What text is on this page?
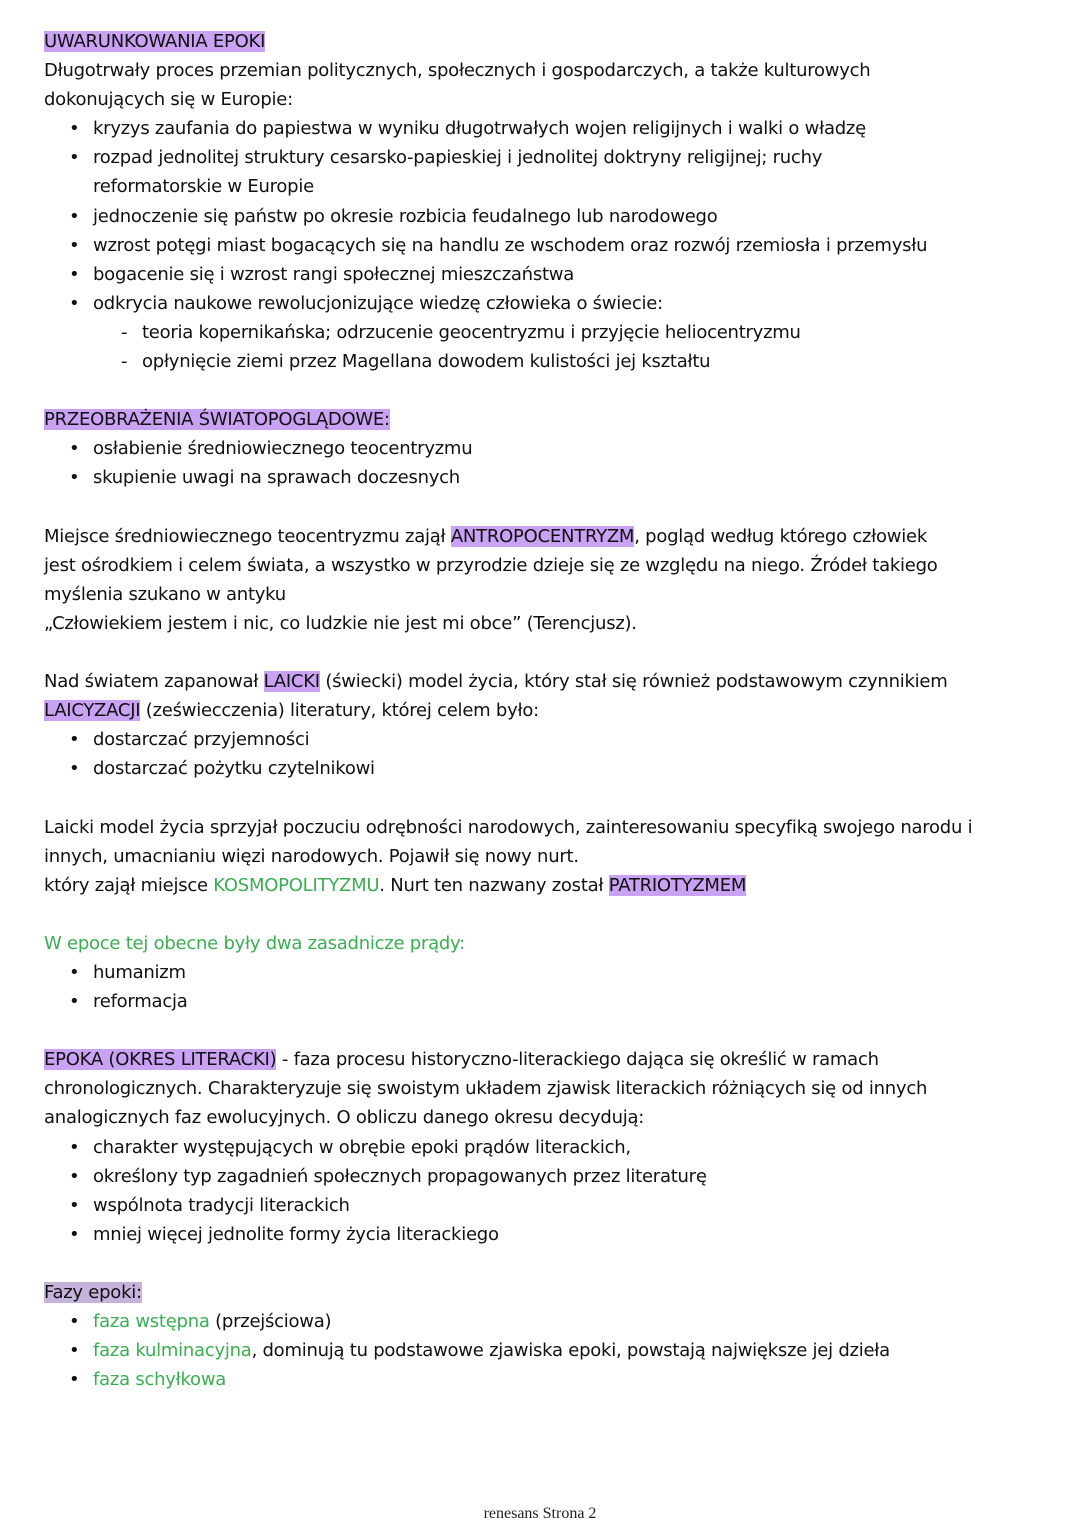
UWARUNKOWANIA EPOKI
Długotrwały proces przemian politycznych, społecznych i gospodarczych, a także kulturowych
dokonujących się w Europie:
• kryzys zaufania do papiestwa w wyniku długotrwałych wojen religijnych i walki o władzę
• rozpad jednolitej struktury cesarsko-papieskiej i jednolitej doktryny religijnej; ruchy
reformatorskie w Europie
• jednoczenie się państw po okresie rozbicia feudalnego lub narodowego
• wzrost potęgi miast bogacących się na handlu ze wschodem oraz rozwój rzemiosła i przemysłu
• bogacenie się i wzrost rangi społecznej mieszczaństwa
• odkrycia naukowe rewolucjonizujące wiedzę człowieka o świecie:
- teoria kopernikańska; odrzucenie geocentryzmu i przyjęcie heliocentryzmu
- opłynięcie ziemi przez Magellana dowodem kulistości jej kształtu
PRZEOBRAŻENIA ŚWIATOPOGLĄDOWE:
• osłabienie średniowiecznego teocentryzmu
• skupienie uwagi na sprawach doczesnych
Miejsce średniowiecznego teocentryzmu zajął ANTROPOCENTRYZM, pogląd według którego człowiek
jest ośrodkiem i celem świata, a wszystko w przyrodzie dzieje się ze względu na niego. Źródeł takiego
myślenia szukano w antyku
„Człowiekiem jestem i nic, co ludzkie nie jest mi obce” (Terencjusz).
Nad światem zapanował LAICKI (świecki) model życia, który stał się również podstawowym czynnikiem
LAICYZACJI (zeświecczenia) literatury, której celem było:
• dostarczać przyjemności
• dostarczać pożytku czytelnikowi
Laicki model życia sprzyjał poczuciu odrębności narodowych, zainteresowaniu specyfiką swojego narodu i
innych, umacnianiu więzi narodowych. Pojawił się nowy nurt.
który zajął miejsce KOSMOPOLITYZMU. Nurt ten nazwany został PATRIOTYZMEM
W epoce tej obecne były dwa zasadnicze prądy:
• humanizm
• reformacja
EPOKA (OKRES LITERACKI) - faza procesu historyczno-literackiego dająca się określić w ramach
chronologicznych. Charakteryzuje się swoistym układem zjawisk literackich różniących się od innych
analogicznych faz ewolucyjnych. O obliczu danego okresu decydują:
• charakter występujących w obrębie epoki prądów literackich,
• określony typ zagadnień społecznych propagowanych przez literaturę
• wspólnota tradycji literackich
• mniej więcej jednolite formy życia literackiego
Fazy epoki:
• faza wstępna (przejściowa)
• faza kulminacyjna, dominują tu podstawowe zjawiska epoki, powstają największe jej dzieła
• faza schyłkowa
renesans Strona 2
